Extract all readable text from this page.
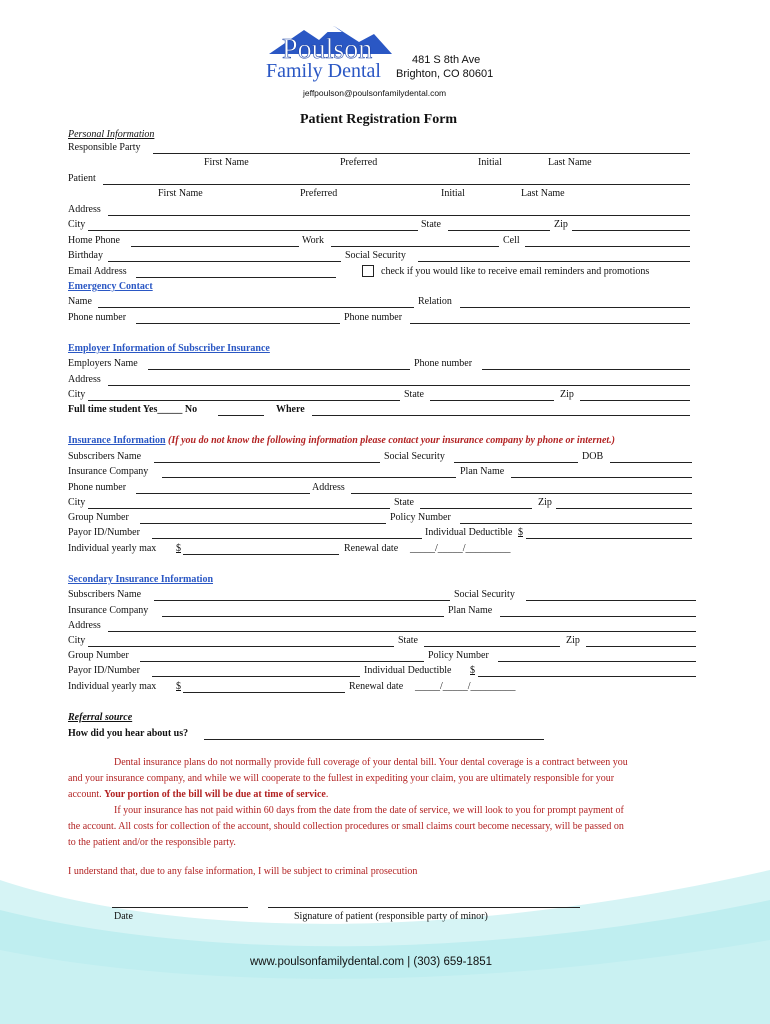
Poulson
Family Dental	481 S 8th Ave
Brighton, CO 80601
jeffpoulson@poulsonfamilydental.com
Patient Registration Form
Personal Information
Responsible Party
First Name	Preferred	Initial	Last Name
Patient
First Name	Preferred	Initial	Last Name
Address
City	State	Zip
Home Phone	Work	Cell
Birthday	Social Security
Email Address	check if you would like to receive email reminders and promotions
Emergency Contact
Name	Relation
Phone number	Phone number
Employer Information of Subscriber Insurance
Employers Name	Phone number
Address
City	State	Zip
Full time student Yes_____ No	Where
Insurance Information (If you do not know the following information please contact your insurance company by phone or internet.)
Subscribers Name	Social Security	DOB
Insurance Company	Plan Name
Phone number	Address
City	State	Zip
Group Number	Policy Number
Payor ID/Number	Individual Deductible $
Individual yearly max $	Renewal date _____/_____/_________
Secondary Insurance Information
Subscribers Name	Social Security
Insurance Company	Plan Name
Address
City	State	Zip
Group Number	Policy Number
Payor ID/Number	Individual Deductible $
Individual yearly max $	Renewal date _____/_____/_________
Referral source
How did you hear about us?
Dental insurance plans do not normally provide full coverage of your dental bill. Your dental coverage is a contract between you
and your insurance company, and while we will cooperate to the fullest in expediting your claim, you are ultimately responsible for your
account. Your portion of the bill will be due at time of service.
If your insurance has not paid within 60 days from the date from the date of service, we will look to you for prompt payment of
the account. All costs for collection of the account, should collection procedures or small claims court become necessary, will be passed on
to the patient and/or the responsible party.
I understand that, due to any false information, I will be subject to criminal prosecution
Date	Signature of patient (responsible party of minor)
www.poulsonfamilydental.com | (303) 659-1851
